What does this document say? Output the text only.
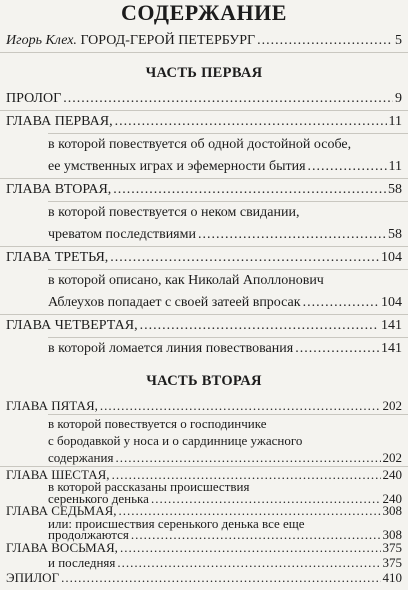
СОДЕРЖАНИЕ
Игорь Клех. ГОРОД-ГЕРОЙ ПЕТЕРБУРГ .....	5
ЧАСТЬ ПЕРВАЯ
ПРОЛОГ .....	9
ГЛАВА ПЕРВАЯ, .....	11
в которой повествуется об одной достойной особе,
ее умственных играх и эфемерности бытия .....	11
ГЛАВА ВТОРАЯ, .....	58
в которой повествуется о неком свидании,
чреватом последствиями .....	58
ГЛАВА ТРЕТЬЯ, .....	104
в которой описано, как Николай Аполлонович
Аблеухов попадает с своей затеей впросак .....	104
ГЛАВА ЧЕТВЕРТАЯ, .....	141
в которой ломается линия повествования .....	141
ЧАСТЬ ВТОРАЯ
ГЛАВА ПЯТАЯ, .....	202
в которой повествуется о господинчике
с бородавкой у носа и о сардиннице ужасного
содержания .....	202
ГЛАВА ШЕСТАЯ, .....	240
в которой рассказаны происшествия
серенького денька .....	240
ГЛАВА СЕДЬМАЯ, .....	308
или: происшествия серенького денька все еще
продолжаются .....	308
ГЛАВА ВОСЬМАЯ, .....	375
и последняя .....	375
ЭПИЛОГ .....	410
